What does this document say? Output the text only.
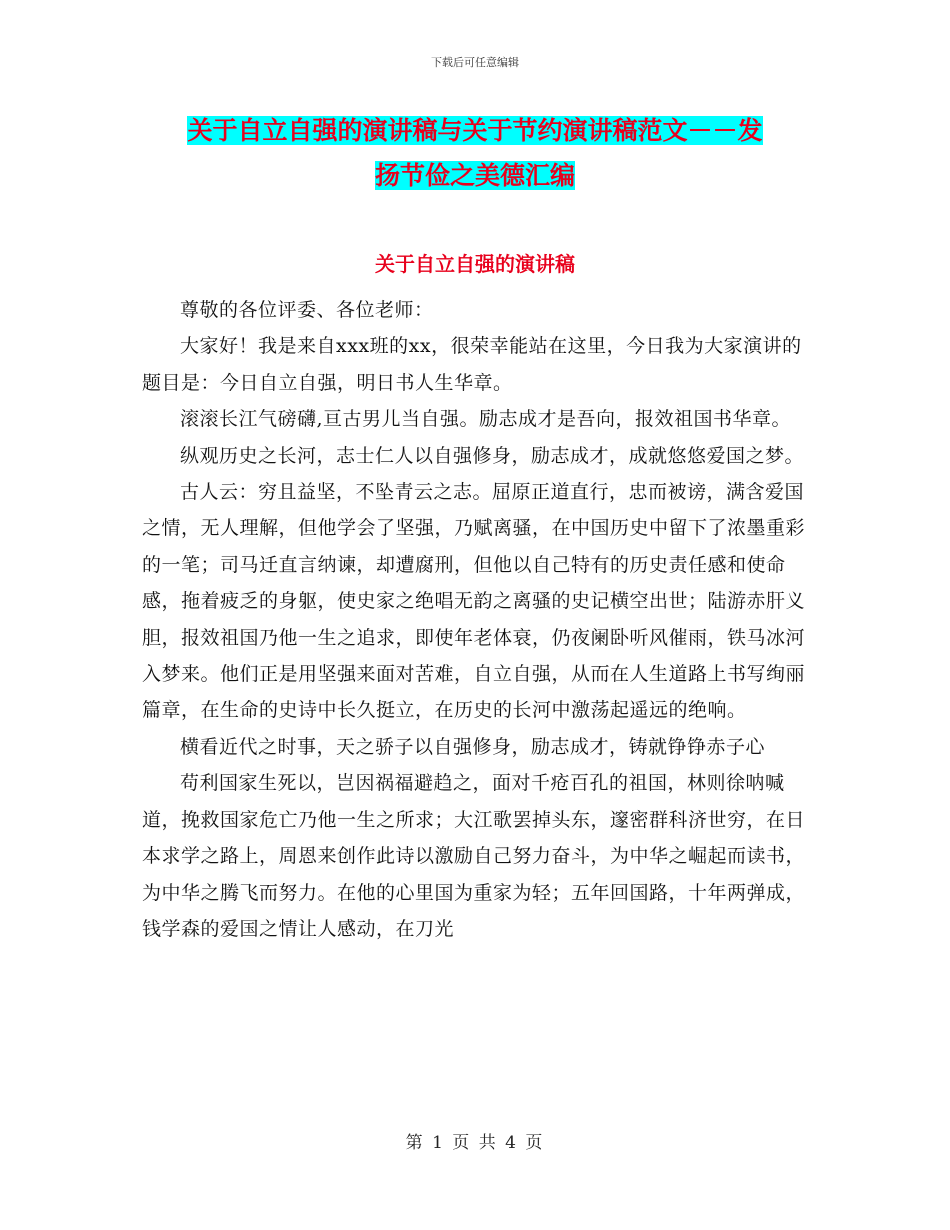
下载后可任意编辑
关于自立自强的演讲稿与关于节约演讲稿范文－－发
扬节俭之美德汇编
关于自立自强的演讲稿

尊敬的各位评委、各位老师：

大家好！我是来自xxx班的xx，很荣幸能站在这里，今日我为大家演讲的题目是：今日自立自强，明日书人生华章。

滚滚长江气磅礴,亘古男儿当自强。励志成才是吾向，报效祖国书华章。

纵观历史之长河，志士仁人以自强修身，励志成才，成就悠悠爱国之梦。

古人云：穷且益坚，不坠青云之志。屈原正道直行，忠而被谤，满含爱国之情，无人理解，但他学会了坚强，乃赋离骚，在中国历史中留下了浓墨重彩的一笔；司马迁直言纳谏，却遭腐刑，但他以自己特有的历史责任感和使命感，拖着疲乏的身躯，使史家之绝唱无韵之离骚的史记横空出世；陆游赤肝义胆，报效祖国乃他一生之追求，即使年老体衰，仍夜阑卧听风催雨，铁马冰河入梦来。他们正是用坚强来面对苦难，自立自强，从而在人生道路上书写绚丽篇章，在生命的史诗中长久挺立，在历史的长河中激荡起遥远的绝响。

横看近代之时事，天之骄子以自强修身，励志成才，铸就铮铮赤子心

苟利国家生死以，岂因祸福避趋之，面对千疮百孔的祖国，林则徐呐喊道，挽救国家危亡乃他一生之所求；大江歌罢掉头东，邃密群科济世穷，在日本求学之路上，周恩来创作此诗以激励自己努力奋斗，为中华之崛起而读书，为中华之腾飞而努力。在他的心里国为重家为轻；五年回国路，十年两弹成，钱学森的爱国之情让人感动，在刀光

第 1 页 共 4 页
